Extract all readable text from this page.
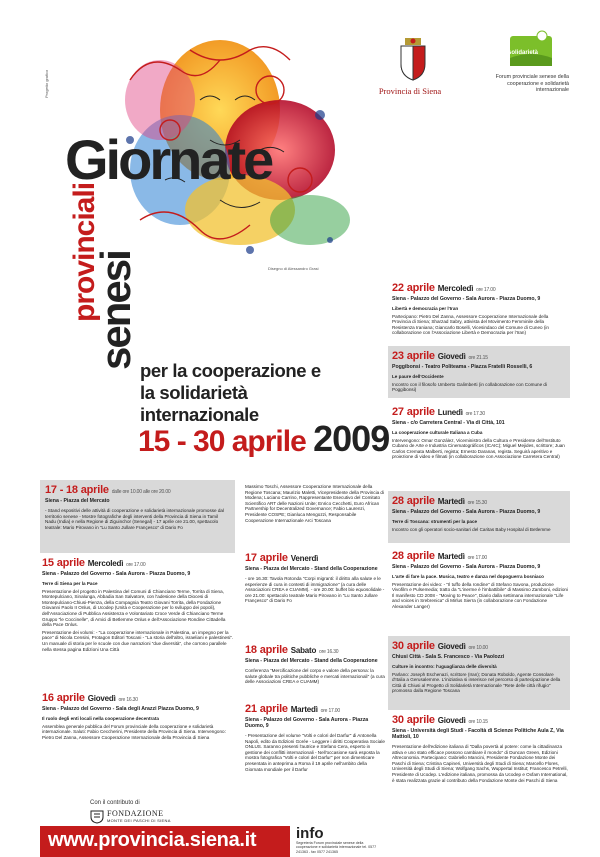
Progetto grafico	Provincia di Siena
solidarietà
Forum provinciale senese della cooperazione e solidarietà internazionale
Disegno di Alessandro Grasi
Giornate
provinciali
senesi
per la cooperazione e
la solidarietà
internazionale
15 - 30 aprile 2009
17 - 18 aprile dalle ore 10.00 alle ore 20.00
Siena - Piazza del Mercato
- Stand espositivi delle attività di cooperazione e solidarietà internazionale promosse dal territorio senese - Mostre fotografiche degli interventi della Provincia di Siena in Tamil Nadu (India) e nella Regione di Ziguinchor (Senegal) - 17 aprile ore 21.00, spettacolo teatrale: Mario Pirovano in "Lu Santo Jullare Françesco" di Dario Fo
15 aprile Mercoledì ore 17.00
Siena - Palazzo del Governo - Sala Aurora - Piazza Duomo, 9

Terre di Siena per la Pace

Presentazione del progetto in Palestina del Comuni di Chianciano Terme, Torrita di Siena, Montepulciano, Sinalunga, Abbadia San Salvatore, con l'adesione della Diocesi di Montepulciano-Chiusi-Pienza, della Compagnia Teatro Giovani Torrita, della Fondazione Giovanni Paolo II Onlus, di Ucodep (Unità e Cooperazione per lo sviluppo dei popoli), dell'Associazione di Pubblica Assistenza e Volontariato Croce Verde di Chianciano Terme Gruppo "le Coccinelle", di Amici di Betlemme Onlus e dell'Associazione Rondine Cittadella della Pace Onlus.

Presentazione dei volumi: - "La cooperazione internazionale in Palestina, un impegno per la pace" di Nicola Censini, Protagon Editori Toscani - "La storia dell'altro, israeliani e palestinesi". Un manuale di storia per le scuole con due narrazioni "due diversità", che corrono parallele nella stessa pagina Edizioni Una Città

16 aprile Giovedì ore 16.30
Siena - Palazzo del Governo - Sala degli Arazzi Piazza Duomo, 9

Il ruolo degli enti locali nella cooperazione decentrata

Assemblea generale pubblica del Forum provinciale della cooperazione e solidarietà internazionale. Saluti: Fabio Ceccherini, Presidente della Provincia di Siena. Intervengono: Pietro Del Zanna, Assessore Cooperazione Internazionale della Provincia di Siena

Massimo Toschi, Assessore Cooperazione Internazionale della Regione Toscana; Maurizio Maletti, Vicepresidente della Provincia di Modena; Luciano Carrino, Rappresentante Esecutivo del Comitato Scientifico ART delle Nazioni Unite; Enrico Cecchetti, Euro African Partnership for Decentralized Governance; Fabio Laurenzi, Presidente COSPE; Gianluca Mengozzi, Responsabile Cooperazione Internazionale Arci Toscana
17 aprile Venerdì
Siena - Piazza del Mercato - Stand della Cooperazione
- ore 16.30: Tavola Rotonda "Corpi migranti: il diritto alla salute e le esperienze di cura in contesti di immigrazione" (a cura delle Associazioni CREA e CUAMM). - ore 20.00: buffet bio equosolidale - ore 21.00: spettacolo teatrale Mario Pirovano in "Lu Santo Jullare Françesco" di Dario Fo
18 aprile Sabato ore 16.30
Siena - Piazza del Mercato - Stand della Cooperazione
Conferenza "Mercificazione del corpo e valore della persona: la salute globale tra politiche pubbliche e mercati internazionali" (a cura delle Associazioni CREA e CUAMM)
21 aprile Martedì ore 17.00
Siena - Palazzo del Governo - Sala Aurora - Piazza Duomo, 9
- Presentazione del volume "Volti e colori del Darfur" di Antonella Napoli, edito da Edizioni Gorée - Leggere i diritti Cooperativa Sociale ONLUS. Saranno presenti l'autrice e Stefano Cera, esperto in gestione dei conflitti internazionali - Nell'occasione sarà esposta la mostra fotografica "Volti e colori del Darfur" per non dimenticare presentata in anteprima a Roma il 19 aprile nell'ambito della Giornata mondiale per il Darfur
22 aprile Mercoledì ore 17.00
Siena - Palazzo del Governo - Sala Aurora - Piazza Duomo, 9

Libertà e democrazia per l'Iran

Partecipano: Pietro Del Zanna, Assessore Cooperazione Internazionale della Provincia di Siena; Sharzad Sabry, attivista del Movimento Femminile della Resistenza Iraniana; Giancarlo Boselli, Vicesindaco del Comune di Cuneo (in collaborazione con l'Associazione Libertà e Democrazia per l'Iran)

23 aprile Giovedì ore 21.15
Poggibonsi - Teatro Politeama - Piazza Fratelli Rosselli, 6

Le paure dell'Occidente

Incontro con il filosofo Umberto Galimberti (in collaborazione con Comune di Poggibonsi)

27 aprile Lunedì ore 17.30
Siena - c/o Carretera Central - Via di Città, 101

La cooperazione culturale Italiana a Cuba

Intervengono: Omar González, Viceministro della Cultura e Presidente dell'Instituto Cubano de Arte e Industria Cinematográficos (ICAIC); Miguel Mejides, scrittore; Juan Carlos Cremata Malberti, regista; Ernesto Daranas, regista. Seguirà aperitivo e proiezione di video e filmati (in collaborazione con Associazione Carretera Central)

28 aprile Martedì ore 15.30
Siena - Palazzo del Governo - Sala Aurora - Piazza Duomo, 9

Terre di Toscana: strumenti per la pace

Incontro con gli operatori socio-sanitari del Caritas Baby Hospital di Betlemme

28 aprile Martedì ore 17.00
Siena - Palazzo del Governo - Sala Aurora - Piazza Duomo, 9

L'arte di fare la pace. Musica, teatro e danza nel dopoguerra bosniaco

Presentazione dei video: - "Il tuffo della rondine" di Stefano Savona, produzione Vivofilm e Pulsemedia; tratto da "L'inerme è l'imbattibile" di Massimo Zamboni, edizioni Il manifesto CD 2008 - "Moving to Peace", Diario dalla settimana internazionale "Life and voices in Srebrenica" di Mirlus Sierra (in collaborazione con Fondazione Alexander Langer)

30 aprile Giovedì ore 10.00
Chiusi Città - Sala S. Francesco - Via Paolozzi

Culture in incontro: l'uguaglianza delle diversità

Parlano: Joseph Eschenazi, scrittore (Iran); Donata Roboldo, Agente Consolare d'Italia a Gerusalemme. L'iniziativa si inserisce nel percorso di partecipazione della Città di Chiusi al Progetto di Solidarietà Internazionale "Rete delle città rifugio" promosso dalla Regione Toscana

30 aprile Giovedì ore 10.15
Siena - Università degli Studi - Facoltà di Scienze Politiche Aula Z, Via Mattioli, 10
Presentazione dell'edizione italiana di "Dalla povertà al potere: come la cittadinanza attiva e uno stato efficace possono cambiare il mondo" di Duncan Green, Edizioni Altreconomia. Partecipano: Gabriello Mancini, Presidente Fondazione Monte dei Paschi di Siena; Cristina Capineri, Università degli Studi di Siena; Marcello Flores, Università degli Studi di Siena; Wolfgang Sachs, Wuppertal Institut; Francesco Petrelli, Presidente di Ucodep. L'edizione italiana, promossa da Ucodep e Oxfam International, è stata realizzata grazie al contributo della Fondazione Monte dei Paschi di Siena
Con il contributo di
FONDAZIONE
MONTE DEI PASCHI DI SIENA
www.provincia.siena.it	info
Segreteria Forum provinciale senese della cooperazione e solidarietà internazionale tel. 0577 241363 - fax 0577 241365
